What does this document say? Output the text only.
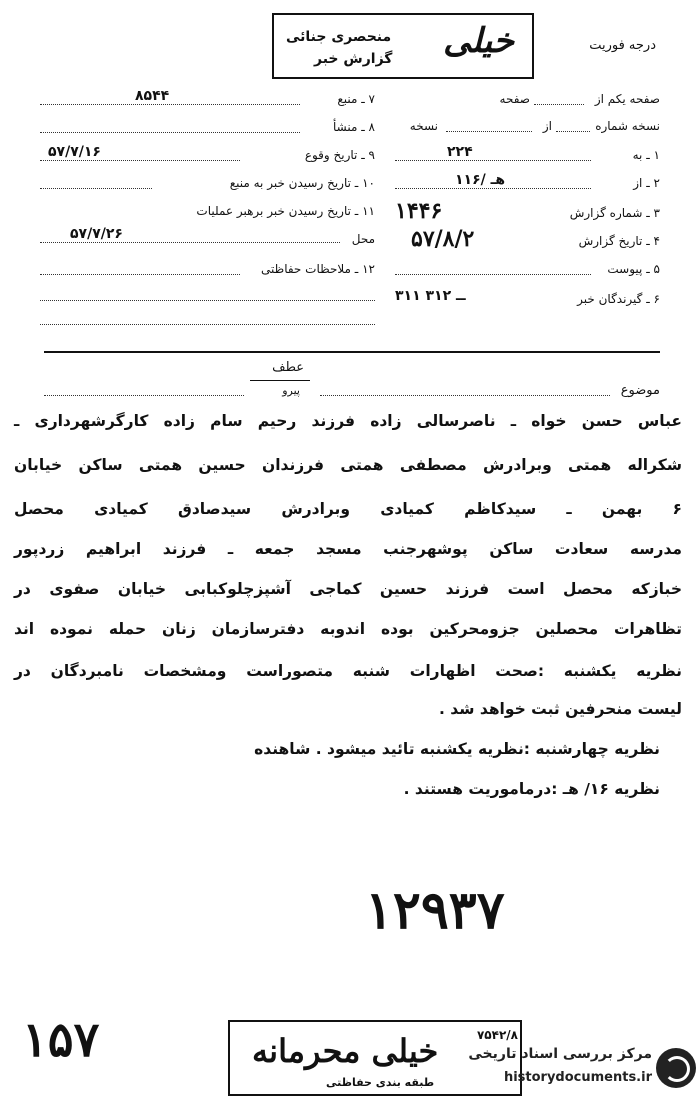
خیلی
منحصری جنائی
گزارش خبر
درجه فوریت
صفحه یکم از
صفحه
نسخه شماره
از
نسخه
۱ ـ به
۲۲۴
۲ ـ از
۱۱۶/ هـ
۳ ـ شماره گزارش
۱۴۴۶
۴ ـ تاریخ گزارش
۵۷/۸/۲
۵ ـ پیوست
۶ ـ گیرندگان خبر
۳۱۱ ــ ۳۱۲
۷ ـ منبع
۸۵۴۴
۸ ـ منشأ
۹ ـ تاریخ وقوع
۵۷/۷/۱۶
۱۰ ـ تاریخ رسیدن خبر به منبع
۱۱ ـ تاریخ رسیدن خبر برهبر عملیات
محل
۵۷/۷/۲۶
۱۲ ـ ملاحظات حفاظتی
عطف
پیرو	موضوع
عباس حسن خواه ـ ناصرسالی زاده فرزند رحیم سام زاده کارگرشهرداری ـ
شکراله همتی وبرادرش مصطفی همتی فرزندان حسین همتی ساکن خیابان
۶ بهمن ـ سیدکاظم کمیادی وبرادرش سیدصادق کمیادی محصل
مدرسه سعادت ساکن پوشهرجنب مسجد جمعه ـ فرزند ابراهیم زردپور
خبازکه محصل است فرزند حسین کماجی آشپزچلوکبابی خیابان صفوی در
تظاهرات محصلین جزومحرکین بوده اندوبه دفترسازمان زنان حمله نموده اند
نظریه یکشنبه :صحت اظهارات شنبه متصوراست ومشخصات نامبردگان در
لیست منحرفین ثبت خواهد شد .
نظریه چهارشنبه :نظریه یکشنبه تائید میشود . شاهنده
نظریه ۱۶/ هـ :درماموریت هستند .
۱۲۹۳۷
۱۵۷	خیلی محرمانه
طبقه بندی حفاظتی
۷۵۴۲/۸
مرکز بررسی اسناد تاریخی
historydocuments.ir
